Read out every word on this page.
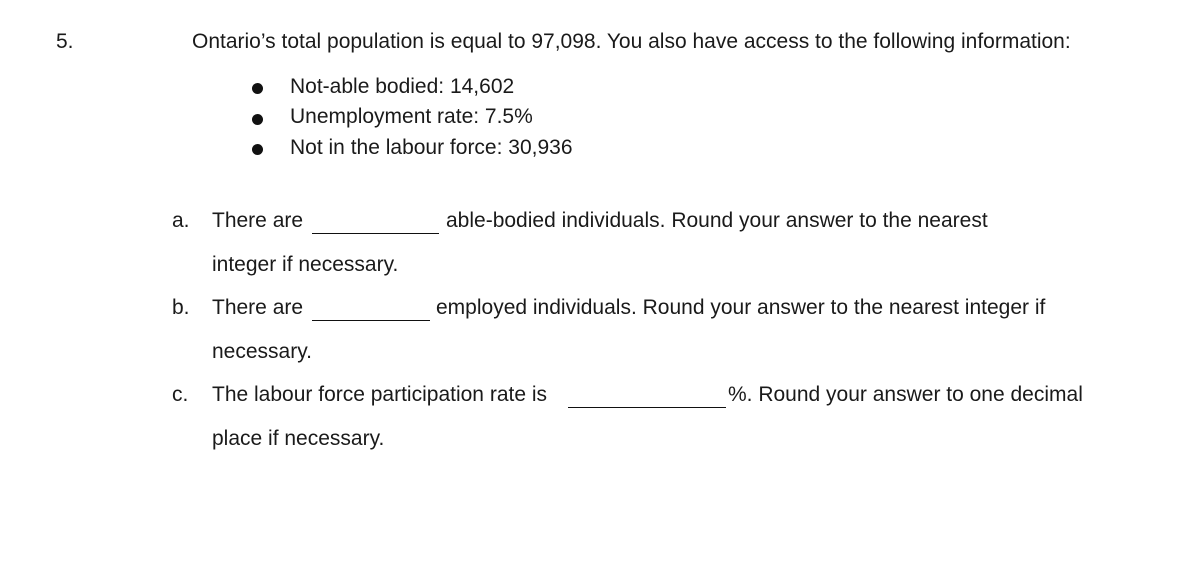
5.	Ontario’s total population is equal to 97,098. You also have access to the following information:
Not-able bodied: 14,602
Unemployment rate: 7.5%
Not in the labour force: 30,936
a. There are	able-bodied individuals. Round your answer to the nearest
integer if necessary.
b. There are	employed individuals. Round your answer to the nearest integer if
necessary.
c. The labour force participation rate is	%. Round your answer to one decimal
place if necessary.
